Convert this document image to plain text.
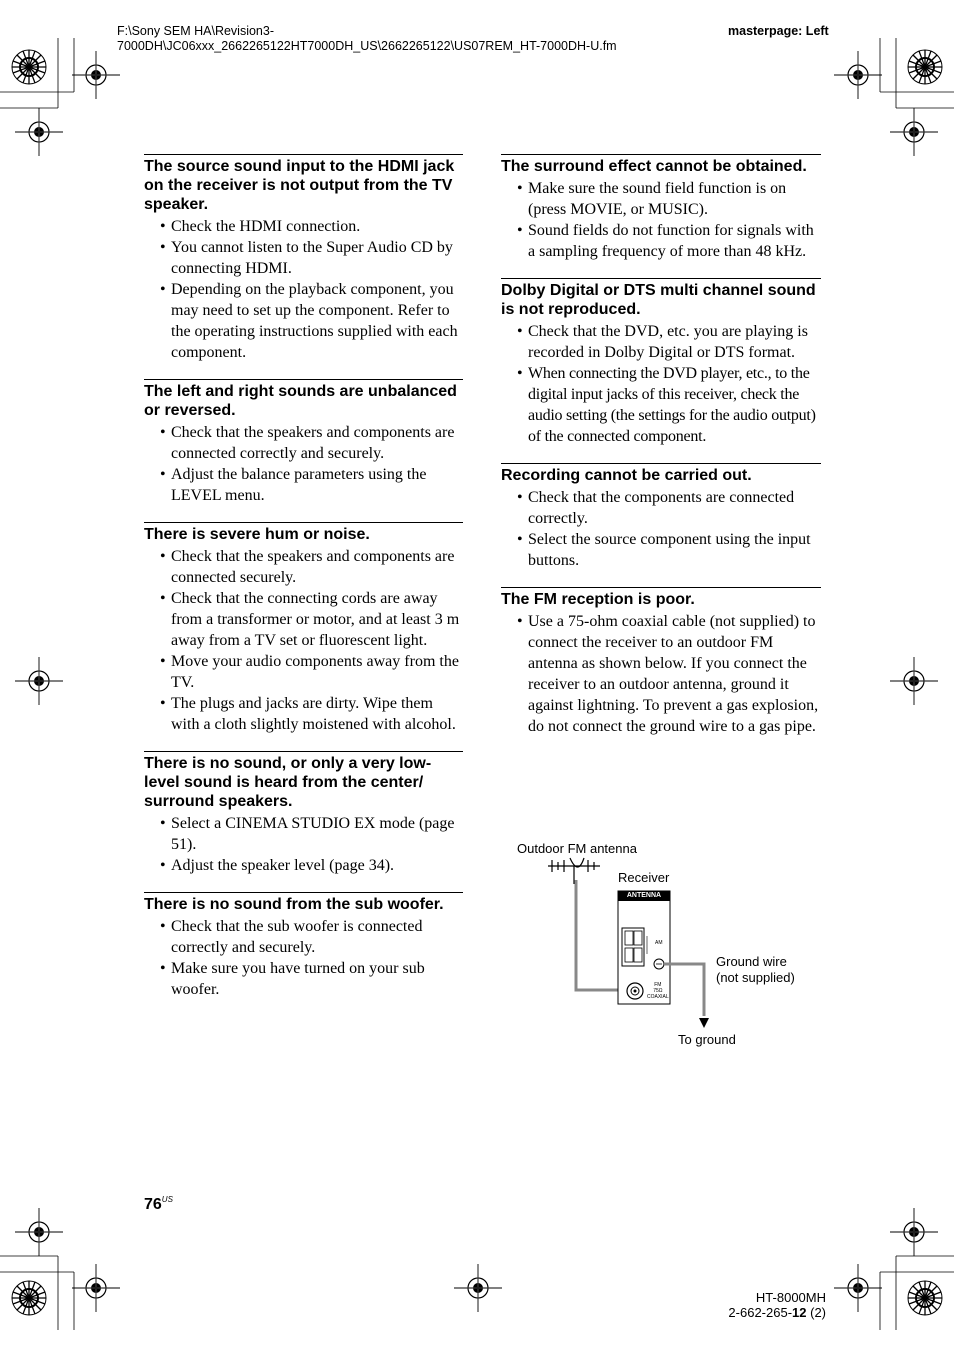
F:\Sony SEM HA\Revision3-
7000DH\JC06xxx_2662265122HT7000DH_US\2662265122\US07REM_HT-7000DH-U.fm
masterpage: Left
The source sound input to the HDMI jack on the receiver is not output from the TV speaker.
• Check the HDMI connection.
• You cannot listen to the Super Audio CD by connecting HDMI.
• Depending on the playback component, you may need to set up the component. Refer to the operating instructions supplied with each component.
The left and right sounds are unbalanced or reversed.
• Check that the speakers and components are connected correctly and securely.
• Adjust the balance parameters using the LEVEL menu.
There is severe hum or noise.
• Check that the speakers and components are connected securely.
• Check that the connecting cords are away from a transformer or motor, and at least 3 m away from a TV set or fluorescent light.
• Move your audio components away from the TV.
• The plugs and jacks are dirty. Wipe them with a cloth slightly moistened with alcohol.
There is no sound, or only a very low-level sound is heard from the center/ surround speakers.
• Select a CINEMA STUDIO EX mode (page 51).
• Adjust the speaker level (page 34).
There is no sound from the sub woofer.
• Check that the sub woofer is connected correctly and securely.
• Make sure you have turned on your sub woofer.
The surround effect cannot be obtained.
• Make sure the sound field function is on (press MOVIE, or MUSIC).
• Sound fields do not function for signals with a sampling frequency of more than 48 kHz.
Dolby Digital or DTS multi channel sound is not reproduced.
• Check that the DVD, etc. you are playing is recorded in Dolby Digital or DTS format.
• When connecting the DVD player, etc., to the digital input jacks of this receiver, check the audio setting (the settings for the audio output) of the connected component.
Recording cannot be carried out.
• Check that the components are connected correctly.
• Select the source component using the input buttons.
The FM reception is poor.
• Use a 75-ohm coaxial cable (not supplied) to connect the receiver to an outdoor FM antenna as shown below. If you connect the receiver to an outdoor antenna, ground it against lightning. To prevent a gas explosion, do not connect the ground wire to a gas pipe.
Outdoor FM antenna
Receiver
ANTENNA
AM
FM
75Ω
COAXIAL
Ground wire
(not supplied)
To ground
$76^{US}$
HT-8000MH
2-662-265-12 (2)
